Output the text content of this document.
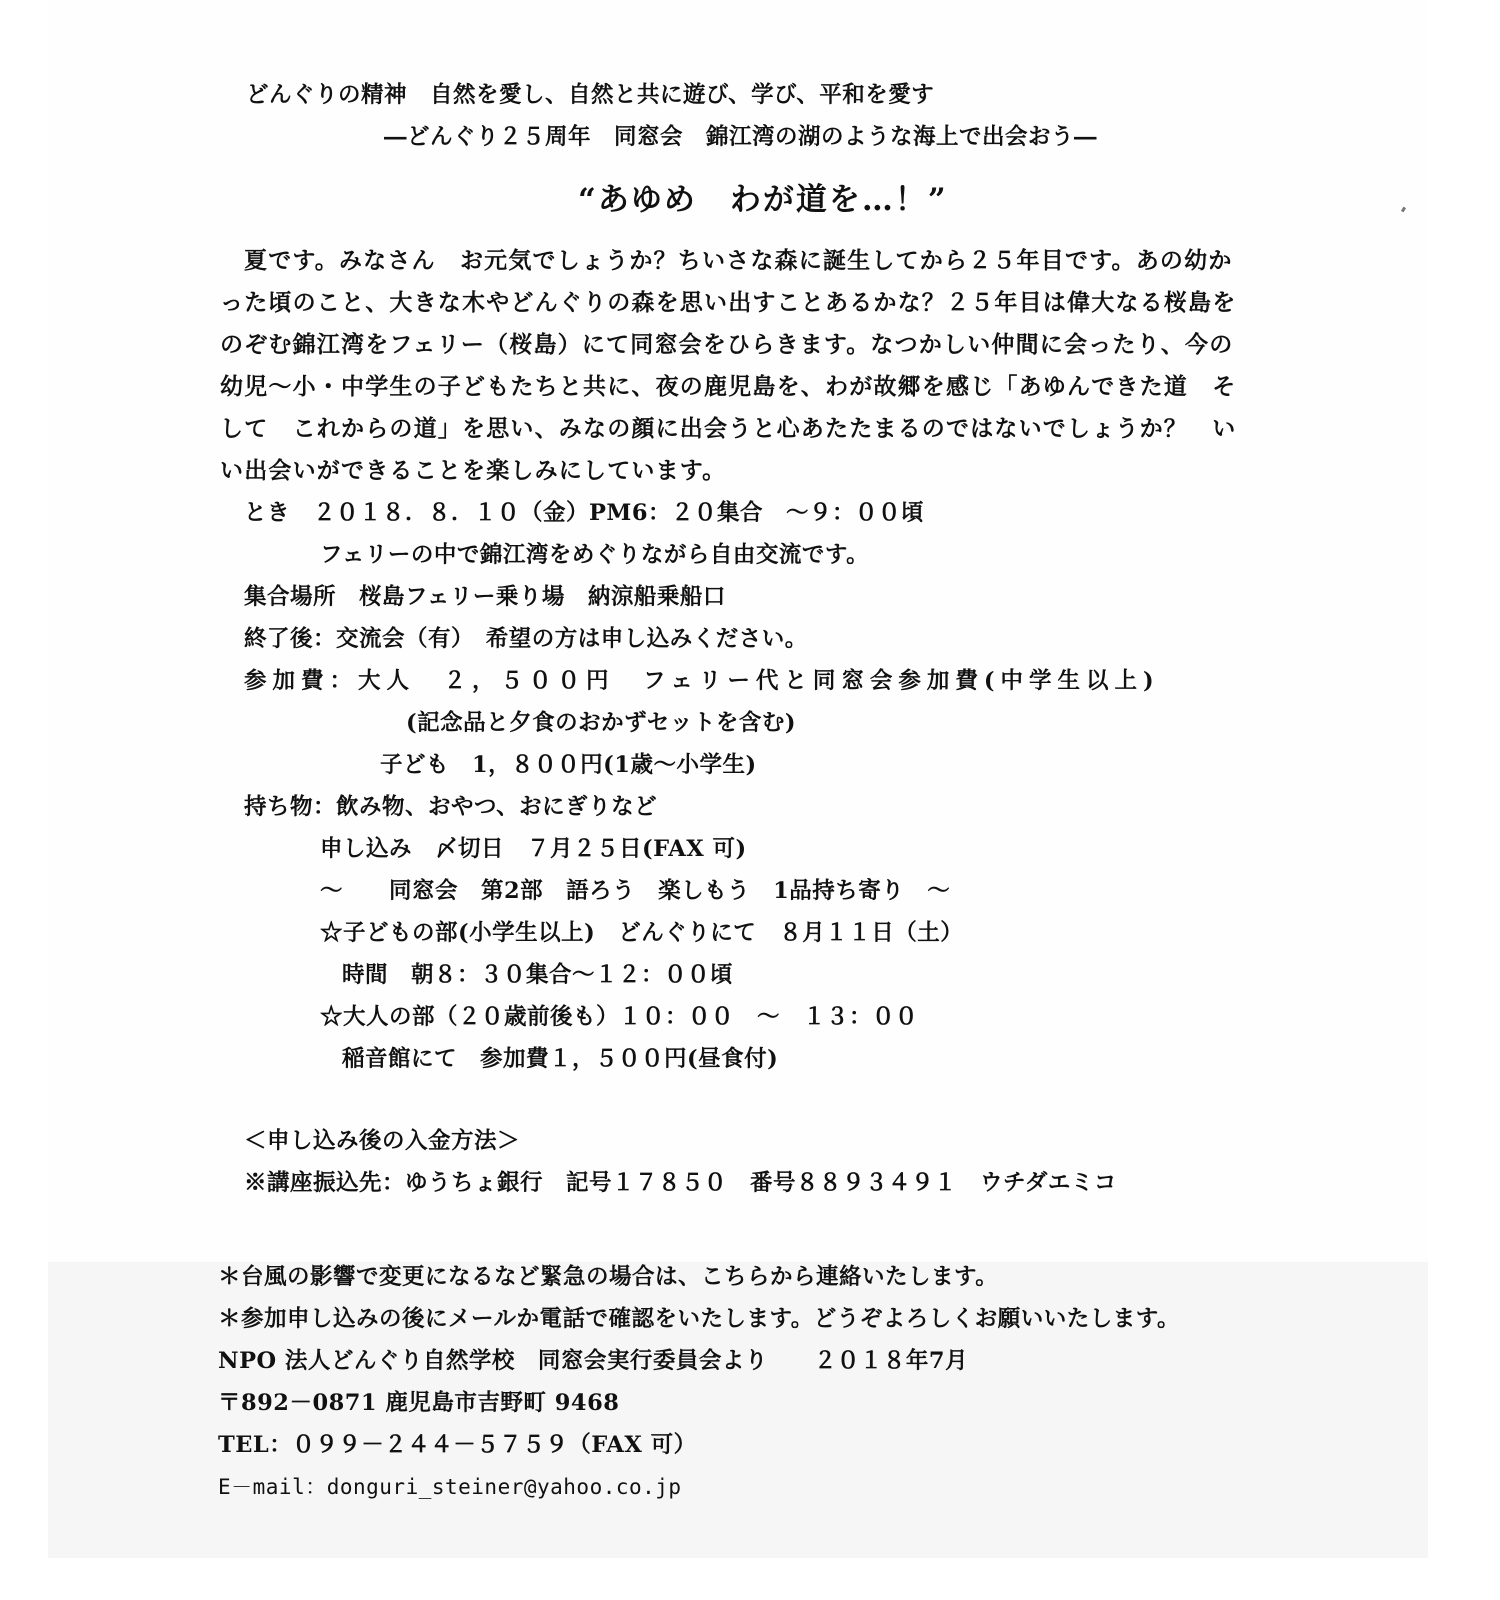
どんぐりの精神　自然を愛し、自然と共に遊び、学び、平和を愛す
―どんぐり２５周年　同窓会　錦江湾の湖のような海上で出会おう―
“あゆめ　わが道を…！”
夏です。みなさん　お元気でしょうか？ちいさな森に誕生してから２５年目です。あの幼か
った頃のこと、大きな木やどんぐりの森を思い出すことあるかな？２５年目は偉大なる桜島を
のぞむ錦江湾をフェリー（桜島）にて同窓会をひらきます。なつかしい仲間に会ったり、今の
幼児～小・中学生の子どもたちと共に、夜の鹿児島を、わが故郷を感じ「あゆんできた道　そ
して　これからの道」を思い、みなの顔に出会うと心あたたまるのではないでしょうか？　い
い出会いができることを楽しみにしています。
とき　２０１８．８．１０（金）PM6：２０集合　～９：００頃
フェリーの中で錦江湾をめぐりながら自由交流です。
集合場所　桜島フェリー乗り場　納涼船乗船口
終了後：交流会（有）　希望の方は申し込みください。
参加費：大人　２，５００円　フェリー代と同窓会参加費(中学生以上)
(記念品と夕食のおかずセットを含む)
子ども　1，８００円(1歳～小学生)
持ち物：飲み物、おやつ、おにぎりなど
申し込み　〆切日　７月２５日(FAX 可)
～　　同窓会　第2部　語ろう　楽しもう　1品持ち寄り　～
☆子どもの部(小学生以上)　どんぐりにて　８月１１日（土）
時間　朝８：３０集合～１２：００頃
☆大人の部（２０歳前後も）１０：００　～　１３：００
稲音館にて　参加費１，５００円(昼食付)
＜申し込み後の入金方法＞
※講座振込先：ゆうちょ銀行　記号１７８５０　番号８８９３４９１　ウチダエミコ
＊台風の影響で変更になるなど緊急の場合は、こちらから連絡いたします。
＊参加申し込みの後にメールか電話で確認をいたします。どうぞよろしくお願いいたします。
NPO 法人どんぐり自然学校　同窓会実行委員会より　　２０１８年7月
〒892－0871 鹿児島市吉野町 9468
TEL：０９９－２４４－５７５９（FAX 可）
E－mail：donguri_steiner@yahoo.co.jp
